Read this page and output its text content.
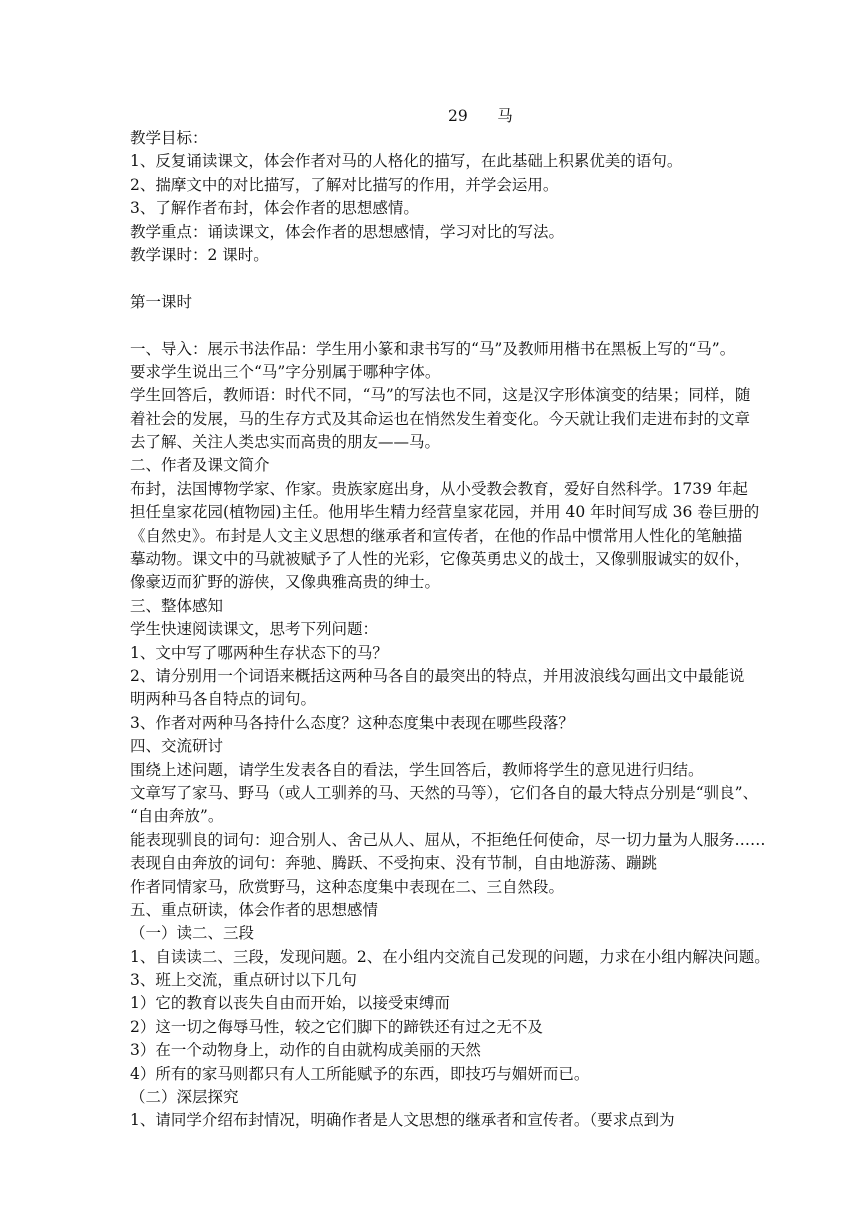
29 马
教学目标：
1、反复诵读课文，体会作者对马的人格化的描写，在此基础上积累优美的语句。
2、揣摩文中的对比描写，了解对比描写的作用，并学会运用。
3、了解作者布封，体会作者的思想感情。
教学重点：诵读课文，体会作者的思想感情，学习对比的写法。
教学课时：2 课时。
第一课时
一、导入：展示书法作品：学生用小篆和隶书写的“马”及教师用楷书在黑板上写的“马”。
要求学生说出三个“马”字分别属于哪种字体。
学生回答后，教师语：时代不同，“马”的写法也不同，这是汉字形体演变的结果；同样，随
着社会的发展，马的生存方式及其命运也在悄然发生着变化。今天就让我们走进布封的文章
去了解、关注人类忠实而高贵的朋友——马。
二、作者及课文简介
布封，法国博物学家、作家。贵族家庭出身，从小受教会教育，爱好自然科学。1739 年起
担任皇家花园(植物园)主任。他用毕生精力经营皇家花园，并用 40 年时间写成 36 卷巨册的
《自然史》。布封是人文主义思想的继承者和宣传者，在他的作品中惯常用人性化的笔触描
摹动物。课文中的马就被赋予了人性的光彩，它像英勇忠义的战士，又像驯服诚实的奴仆，
像豪迈而犷野的游侠，又像典雅高贵的绅士。
三、整体感知
学生快速阅读课文，思考下列问题：
1、文中写了哪两种生存状态下的马？
2、请分别用一个词语来概括这两种马各自的最突出的特点，并用波浪线勾画出文中最能说
明两种马各自特点的词句。
3、作者对两种马各持什么态度？这种态度集中表现在哪些段落？
四、交流研讨
围绕上述问题，请学生发表各自的看法，学生回答后，教师将学生的意见进行归结。
文章写了家马、野马（或人工驯养的马、天然的马等），它们各自的最大特点分别是“驯良”、
“自由奔放”。
能表现驯良的词句：迎合别人、舍己从人、屈从，不拒绝任何使命，尽一切力量为人服务……
表现自由奔放的词句：奔驰、腾跃、不受拘束、没有节制，自由地游荡、蹦跳
作者同情家马，欣赏野马，这种态度集中表现在二、三自然段。
五、重点研读，体会作者的思想感情
（一）读二、三段
1、自读读二、三段，发现问题。2、在小组内交流自己发现的问题，力求在小组内解决问题。
3、班上交流，重点研讨以下几句
1）它的教育以丧失自由而开始，以接受束缚而
2）这一切之侮辱马性，较之它们脚下的蹄铁还有过之无不及
3）在一个动物身上，动作的自由就构成美丽的天然
4）所有的家马则都只有人工所能赋予的东西，即技巧与媚妍而已。
（二）深层探究
1、请同学介绍布封情况，明确作者是人文思想的继承者和宣传者。（要求点到为
